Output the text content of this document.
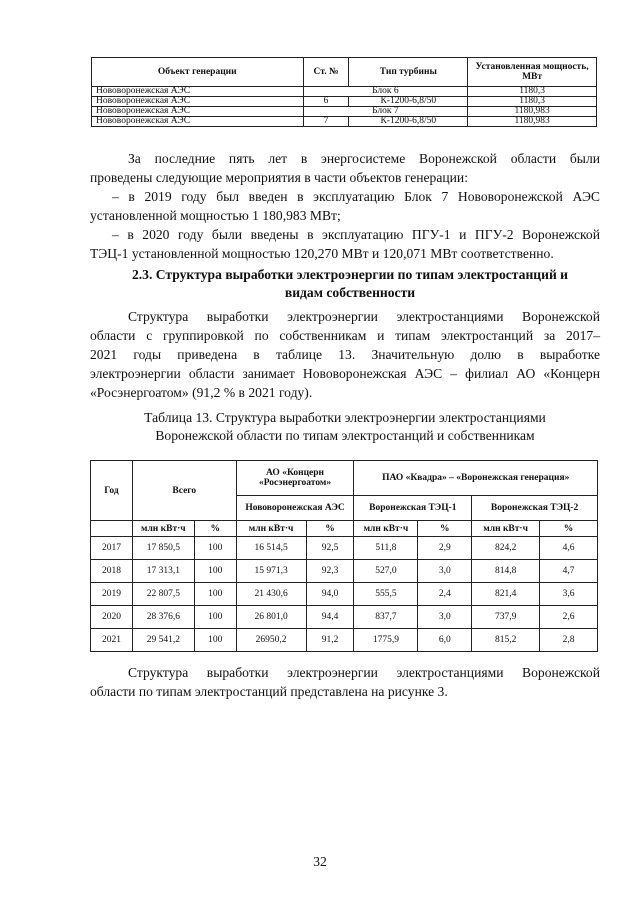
Объект генерации	Ст. №	Тип турбины	Установленная мощность, МВт
Нововоронежская АЭС	Блок 6		1180,3
Нововоронежская АЭС	6	К-1200-6,8/50	1180,3
Нововоронежская АЭС	Блок 7		1180,983
Нововоронежская АЭС	7	К-1200-6,8/50	1180,983
За последние пять лет в энергосистеме Воронежской области были
проведены следующие мероприятия в части объектов генерации:
– в 2019 году был введен в эксплуатацию Блок 7 Нововоронежской АЭС
установленной мощностью 1 180,983 МВт;
– в 2020 году были введены в эксплуатацию ПГУ-1 и ПГУ-2 Воронежской
ТЭЦ-1 установленной мощностью 120,270 МВт и 120,071 МВт соответственно.
2.3. Структура выработки электроэнергии по типам электростанций и
видам собственности
Структура выработки электроэнергии электростанциями Воронежской
области с группировкой по собственникам и типам электростанций за 2017–
2021 годы приведена в таблице 13. Значительную долю в выработке
электроэнергии области занимает Нововоронежская АЭС – филиал АО «Концерн
«Росэнергоатом» (91,2 % в 2021 году).
Таблица 13. Структура выработки электроэнергии электростанциями
Воронежской области по типам электростанций и собственникам
Год	Всего		АО «Концерн «Росэнергоатом»		ПАО «Квадра» – «Воронежская генерация»			
			Нововоронежская АЭС		Воронежская ТЭЦ-1		Воронежская ТЭЦ-2	
	млн кВт·ч	%	млн кВт·ч	%	млн кВт·ч	%	млн кВт·ч	%
2017	17 850,5	100	16 514,5	92,5	511,8	2,9	824,2	4,6
2018	17 313,1	100	15 971,3	92,3	527,0	3,0	814,8	4,7
2019	22 807,5	100	21 430,6	94,0	555,5	2,4	821,4	3,6
2020	28 376,6	100	26 801,0	94,4	837,7	3,0	737,9	2,6
2021	29 541,2	100	26950,2	91,2	1775,9	6,0	815,2	2,8
Структура выработки электроэнергии электростанциями Воронежской
области по типам электростанций представлена на рисунке 3.
32
